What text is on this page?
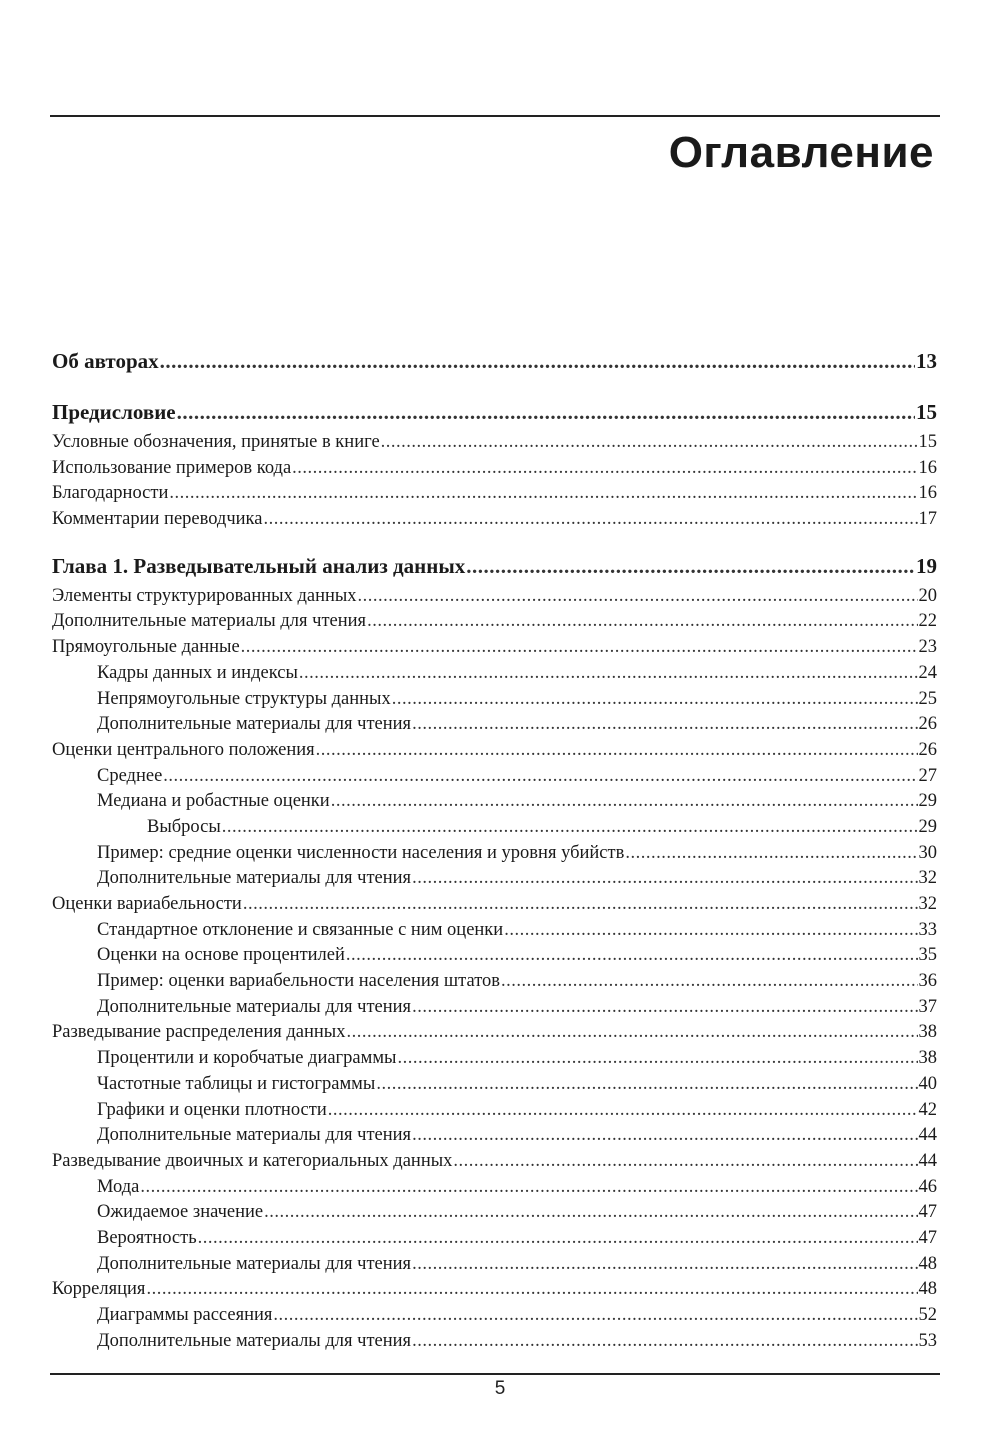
Оглавление
Об авторах .....	13
Предисловие .....	15
Условные обозначения, принятые в книге .....	15
Использование примеров кода .....	16
Благодарности .....	16
Комментарии переводчика .....	17
Глава 1. Разведывательный анализ данных .....	19
Элементы структурированных данных .....	20
Дополнительные материалы для чтения .....	22
Прямоугольные данные .....	23
Кадры данных и индексы .....	24
Непрямоугольные структуры данных .....	25
Дополнительные материалы для чтения .....	26
Оценки центрального положения .....	26
Среднее .....	27
Медиана и робастные оценки .....	29
Выбросы .....	29
Пример: средние оценки численности населения и уровня убийств .....	30
Дополнительные материалы для чтения .....	32
Оценки вариабельности .....	32
Стандартное отклонение и связанные с ним оценки .....	33
Оценки на основе процентилей .....	35
Пример: оценки вариабельности населения штатов .....	36
Дополнительные материалы для чтения .....	37
Разведывание распределения данных .....	38
Процентили и коробчатые диаграммы .....	38
Частотные таблицы и гистограммы .....	40
Графики и оценки плотности .....	42
Дополнительные материалы для чтения .....	44
Разведывание двоичных и категориальных данных .....	44
Мода .....	46
Ожидаемое значение .....	47
Вероятность .....	47
Дополнительные материалы для чтения .....	48
Корреляция .....	48
Диаграммы рассеяния .....	52
Дополнительные материалы для чтения .....	53
5
